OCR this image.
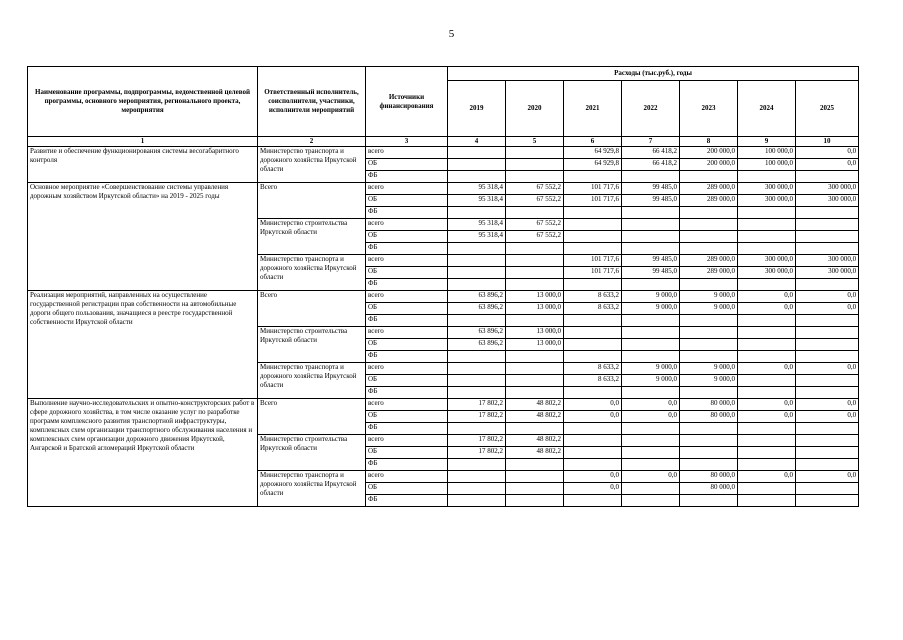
5
Наименование программы, подпрограммы, ведомственной целевой программы, основного мероприятия, регионального проекта, мероприятия	Ответственный исполнитель, соисполнители, участники, исполнители мероприятий	Источники финансирования	Расходы (тыс.руб.), годы						
			2019	2020	2021	2022	2023	2024	2025
1	2	3	4	5	6	7	8	9	10
Развитие и обеспечение функционирования системы весогабаритного контроля	Министерство транспорта и дорожного хозяйства Иркутской области	всего			64 929,8	66 418,2	200 000,0	100 000,0	0,0
		ОБ			64 929,8	66 418,2	200 000,0	100 000,0	0,0
		ФБ							
Основное мероприятие «Совершенствование системы управления дорожным хозяйством Иркутской области» на 2019 - 2025 годы	Всего	всего	95 318,4	67 552,2	101 717,6	99 485,0	289 000,0	300 000,0	300 000,0
		ОБ	95 318,4	67 552,2	101 717,6	99 485,0	289 000,0	300 000,0	300 000,0
		ФБ							
	Министерство строительства Иркутской области	всего	95 318,4	67 552,2					
		ОБ	95 318,4	67 552,2					
		ФБ							
	Министерство транспорта и дорожного хозяйства Иркутской области	всего			101 717,6	99 485,0	289 000,0	300 000,0	300 000,0
		ОБ			101 717,6	99 485,0	289 000,0	300 000,0	300 000,0
		ФБ							
Реализация мероприятий, направленных на осуществление государственной регистрации прав собственности на автомобильные дороги общего пользования, значащиеся в реестре государственной собственности Иркутской области	Всего	всего	63 896,2	13 000,0	8 633,2	9 000,0	9 000,0	0,0	0,0
		ОБ	63 896,2	13 000,0	8 633,2	9 000,0	9 000,0	0,0	0,0
		ФБ							
	Министерство строительства Иркутской области	всего	63 896,2	13 000,0					
		ОБ	63 896,2	13 000,0					
		ФБ							
	Министерство транспорта и дорожного хозяйства Иркутской области	всего			8 633,2	9 000,0	9 000,0	0,0	0,0
		ОБ			8 633,2	9 000,0	9 000,0		
		ФБ							
Выполнение научно-исследовательских и опытно-конструкторских работ в сфере дорожного хозяйства, в том числе оказание услуг по разработке программ комплексного развития транспортной инфраструктуры, комплексных схем организации транспортного обслуживания населения и комплексных схем организации дорожного движения Иркутской, Ангарской и Братской агломераций Иркутской области	Всего	всего	17 802,2	48 802,2	0,0	0,0	80 000,0	0,0	0,0
		ОБ	17 802,2	48 802,2	0,0	0,0	80 000,0	0,0	0,0
		ФБ							
	Министерство строительства Иркутской области	всего	17 802,2	48 802,2					
		ОБ	17 802,2	48 802,2					
		ФБ							
	Министерство транспорта и дорожного хозяйства Иркутской области	всего			0,0	0,0	80 000,0	0,0	0,0
		ОБ			0,0		80 000,0		
		ФБ							
